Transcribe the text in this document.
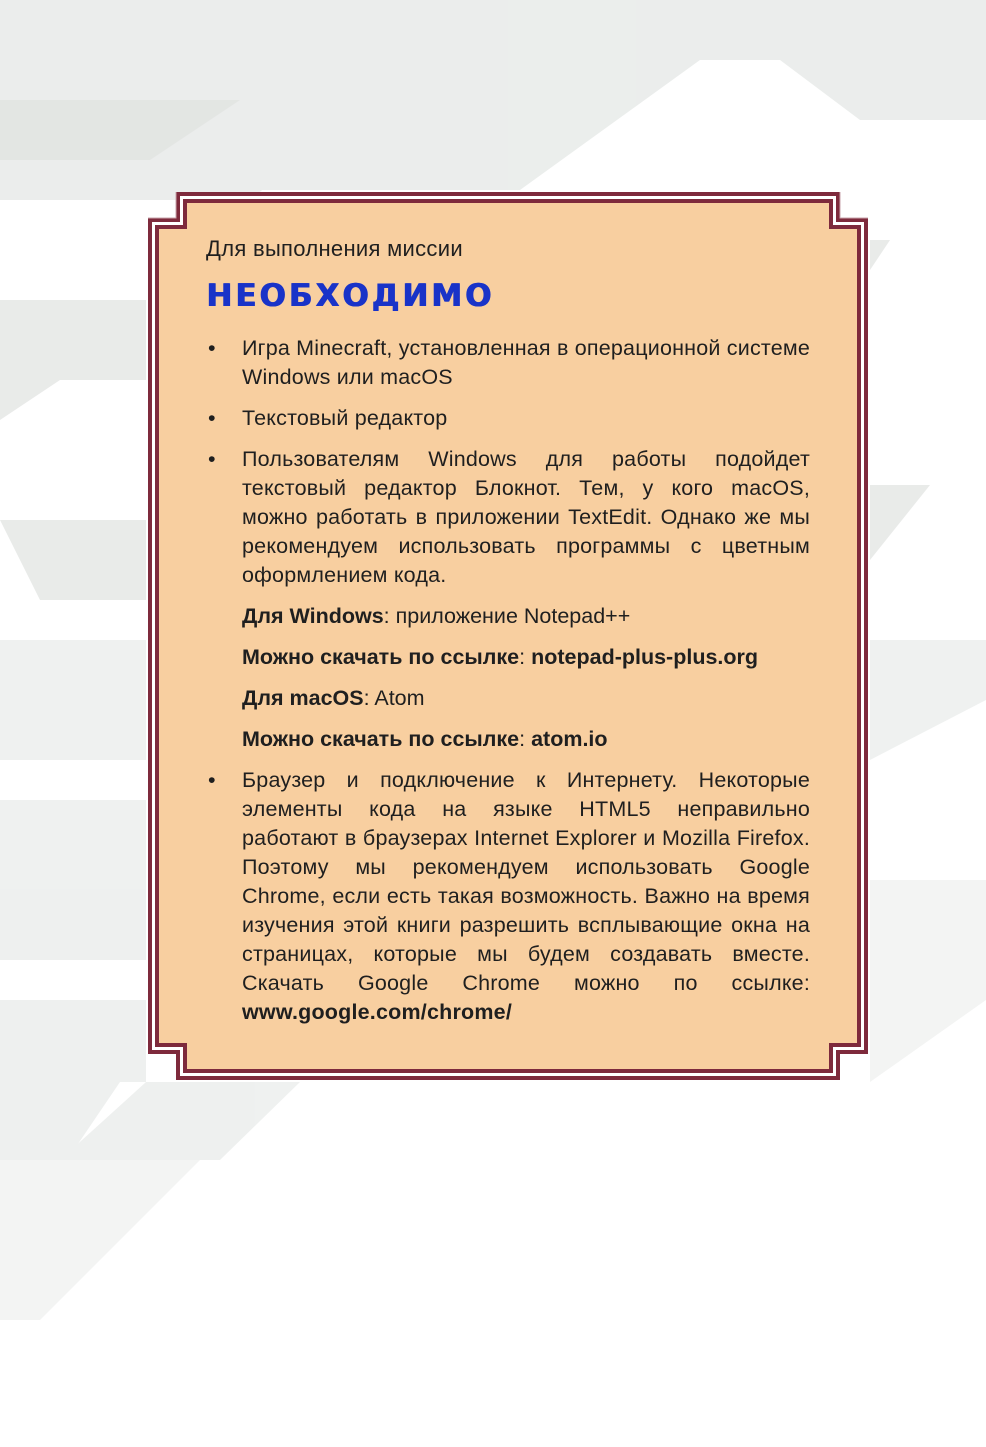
Для выполнения миссии

НЕОБХОДИМО
• Игра Minecraft, установленная в операционной системе Windows или macOS
• Текстовый редактор
• Пользователям Windows для работы подойдет текстовый редактор Блокнот. Тем, у кого macOS, можно работать в приложении TextEdit. Однако же мы рекомендуем использовать программы с цветным оформлением кода.

Для Windows: приложение Notepad++

Можно скачать по ссылке: notepad-plus-plus.org

Для macOS: Atom

Можно скачать по ссылке: atom.io

• Браузер и подключение к Интернету. Некоторые элементы кода на языке HTML5 неправильно работают в браузерах Internet Explorer и Mozilla Firefox. Поэтому мы рекомендуем использовать Google Chrome, если есть такая возможность. Важно на время изучения этой книги разрешить всплывающие окна на страницах, которые мы будем создавать вместе. Скачать Google Chrome можно по ссылке: www.google.com/chrome/
